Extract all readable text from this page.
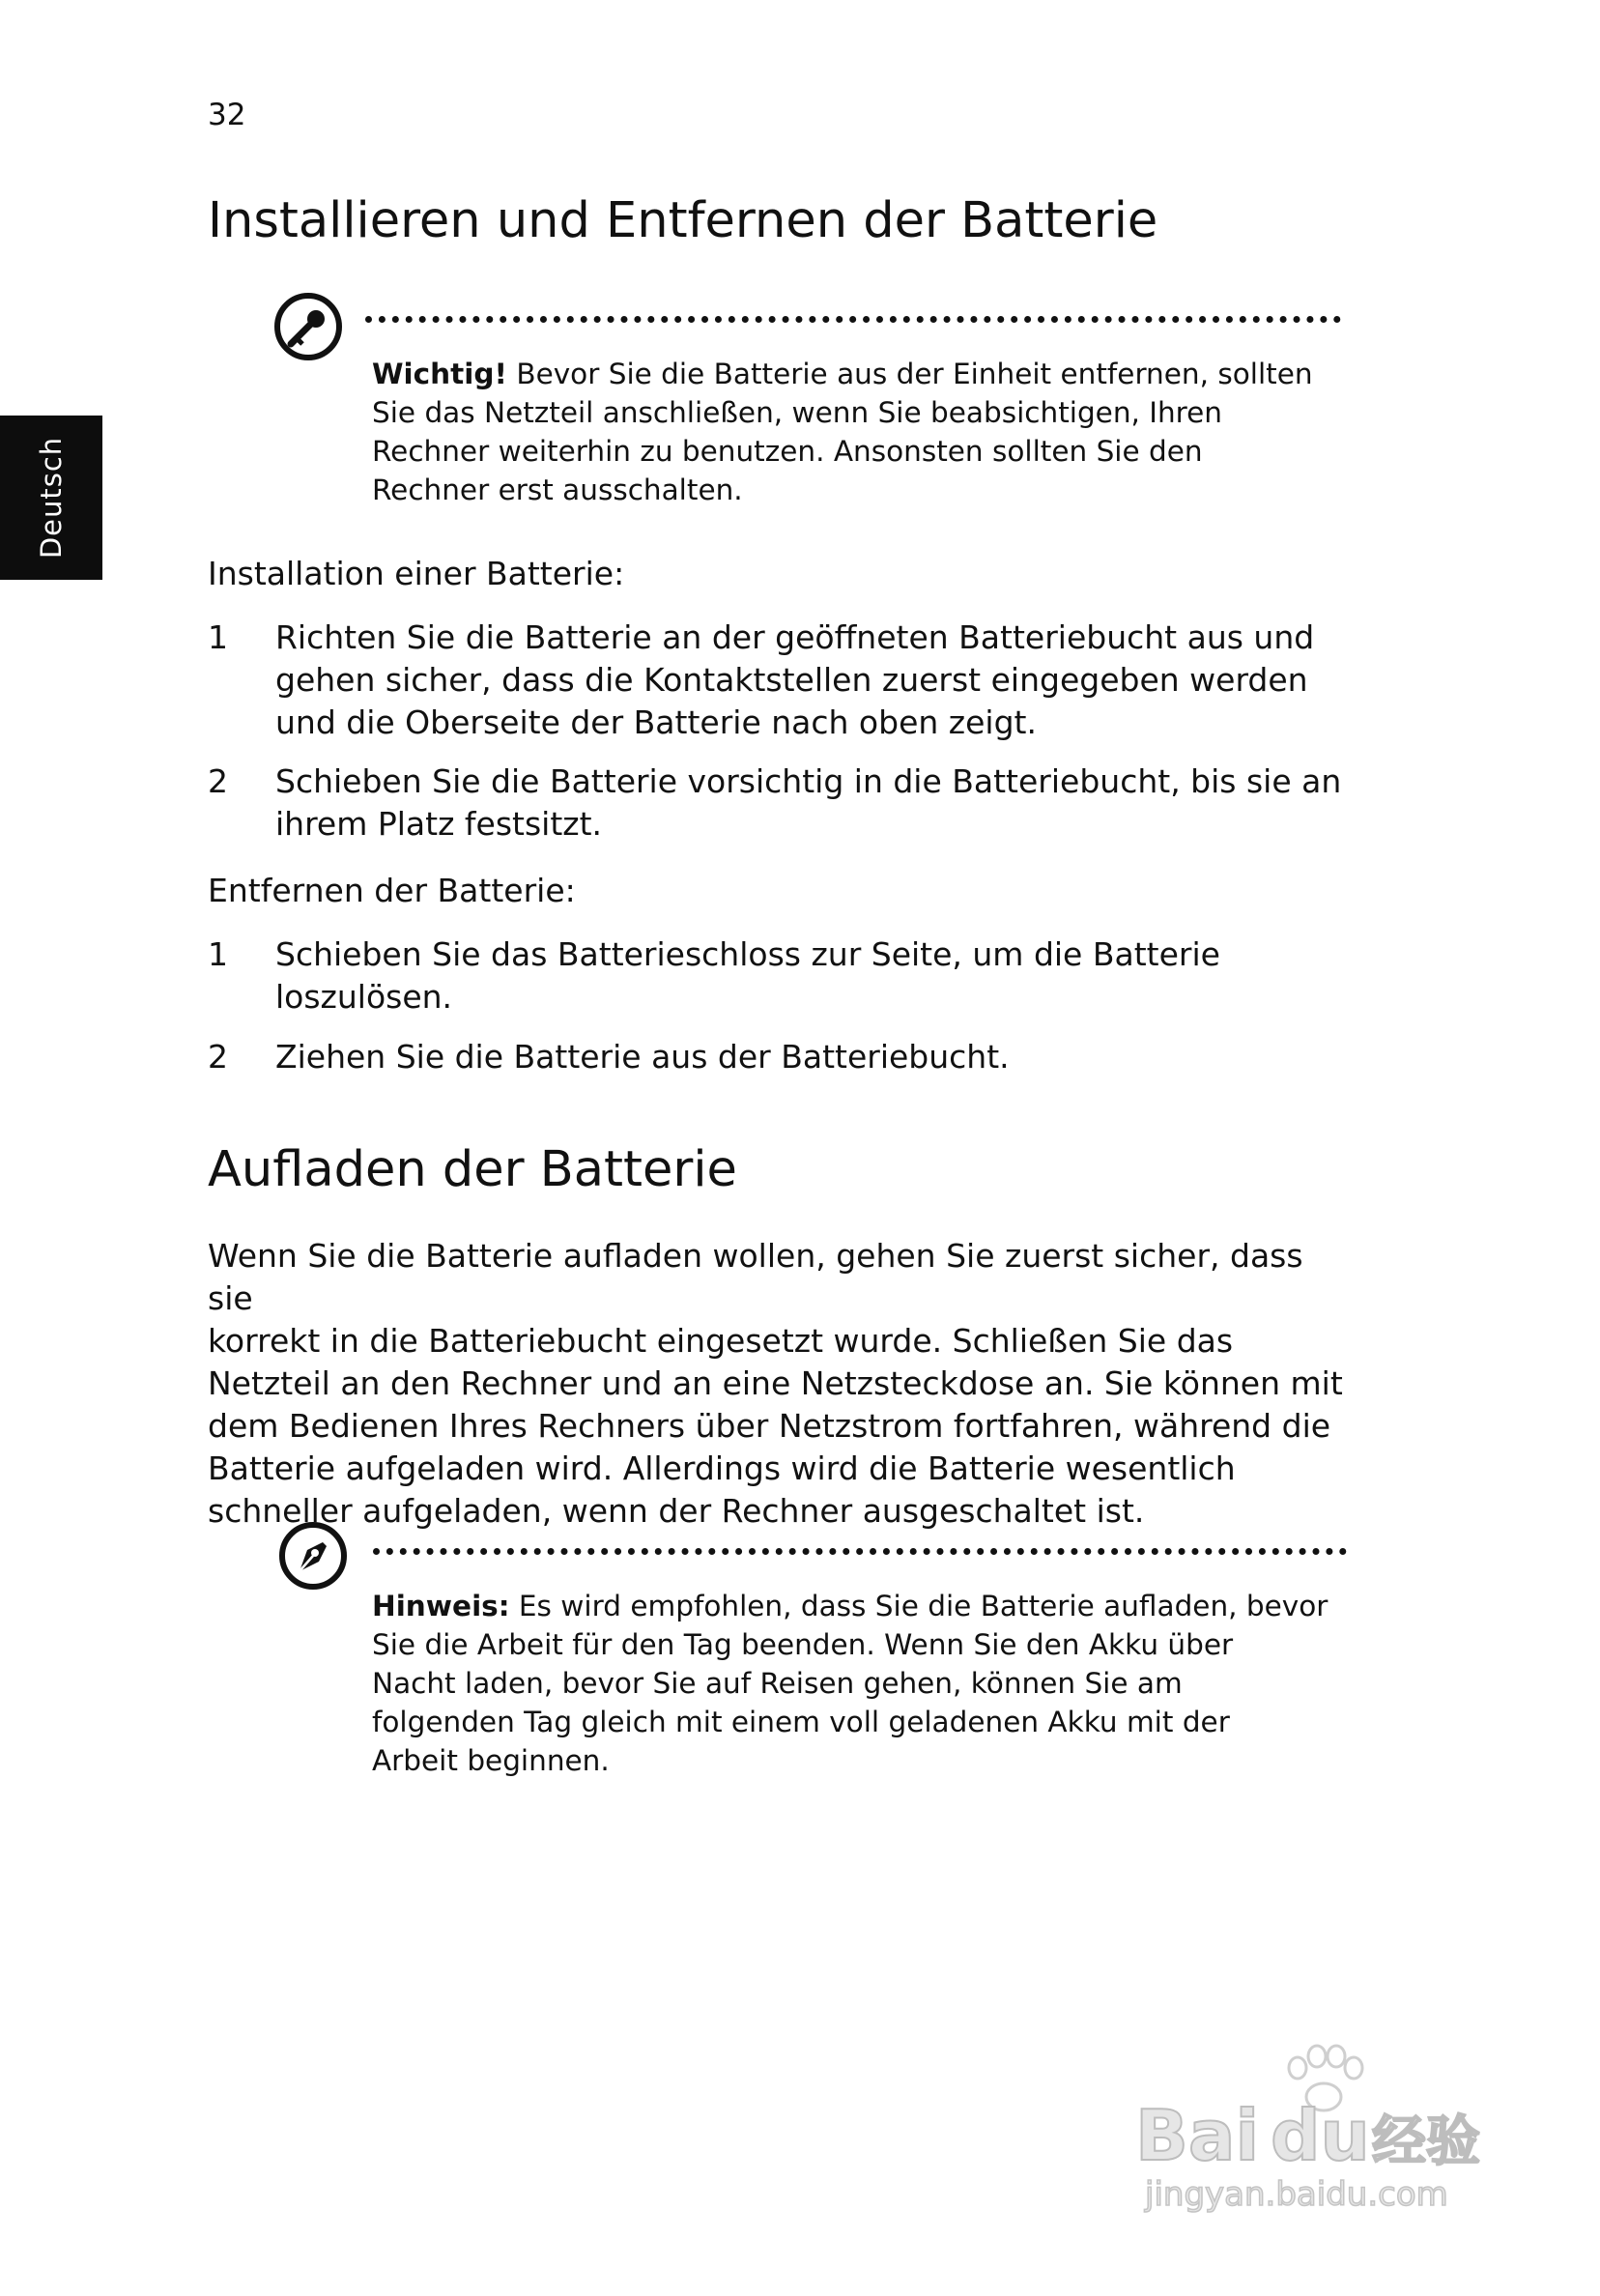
32
Deutsch
Installieren und Entfernen der Batterie
Wichtig! Bevor Sie die Batterie aus der Einheit entfernen, sollten
Sie das Netzteil anschließen, wenn Sie beabsichtigen, Ihren
Rechner weiterhin zu benutzen. Ansonsten sollten Sie den
Rechner erst ausschalten.

Installation einer Batterie:

1 Richten Sie die Batterie an der geöffneten Batteriebucht aus und
gehen sicher, dass die Kontaktstellen zuerst eingegeben werden
und die Oberseite der Batterie nach oben zeigt.
2 Schieben Sie die Batterie vorsichtig in die Batteriebucht, bis sie an
ihrem Platz festsitzt.

Entfernen der Batterie:

1 Schieben Sie das Batterieschloss zur Seite, um die Batterie
loszulösen.
2 Ziehen Sie die Batterie aus der Batteriebucht.
Aufladen der Batterie
Wenn Sie die Batterie aufladen wollen, gehen Sie zuerst sicher, dass sie
korrekt in die Batteriebucht eingesetzt wurde. Schließen Sie das
Netzteil an den Rechner und an eine Netzsteckdose an. Sie können mit
dem Bedienen Ihres Rechners über Netzstrom fortfahren, während die
Batterie aufgeladen wird. Allerdings wird die Batterie wesentlich
schneller aufgeladen, wenn der Rechner ausgeschaltet ist.
Hinweis: Es wird empfohlen, dass Sie die Batterie aufladen, bevor
Sie die Arbeit für den Tag beenden. Wenn Sie den Akku über
Nacht laden, bevor Sie auf Reisen gehen, können Sie am
folgenden Tag gleich mit einem voll geladenen Akku mit der
Arbeit beginnen.
Bai du 经验
jingyan.baidu.com
